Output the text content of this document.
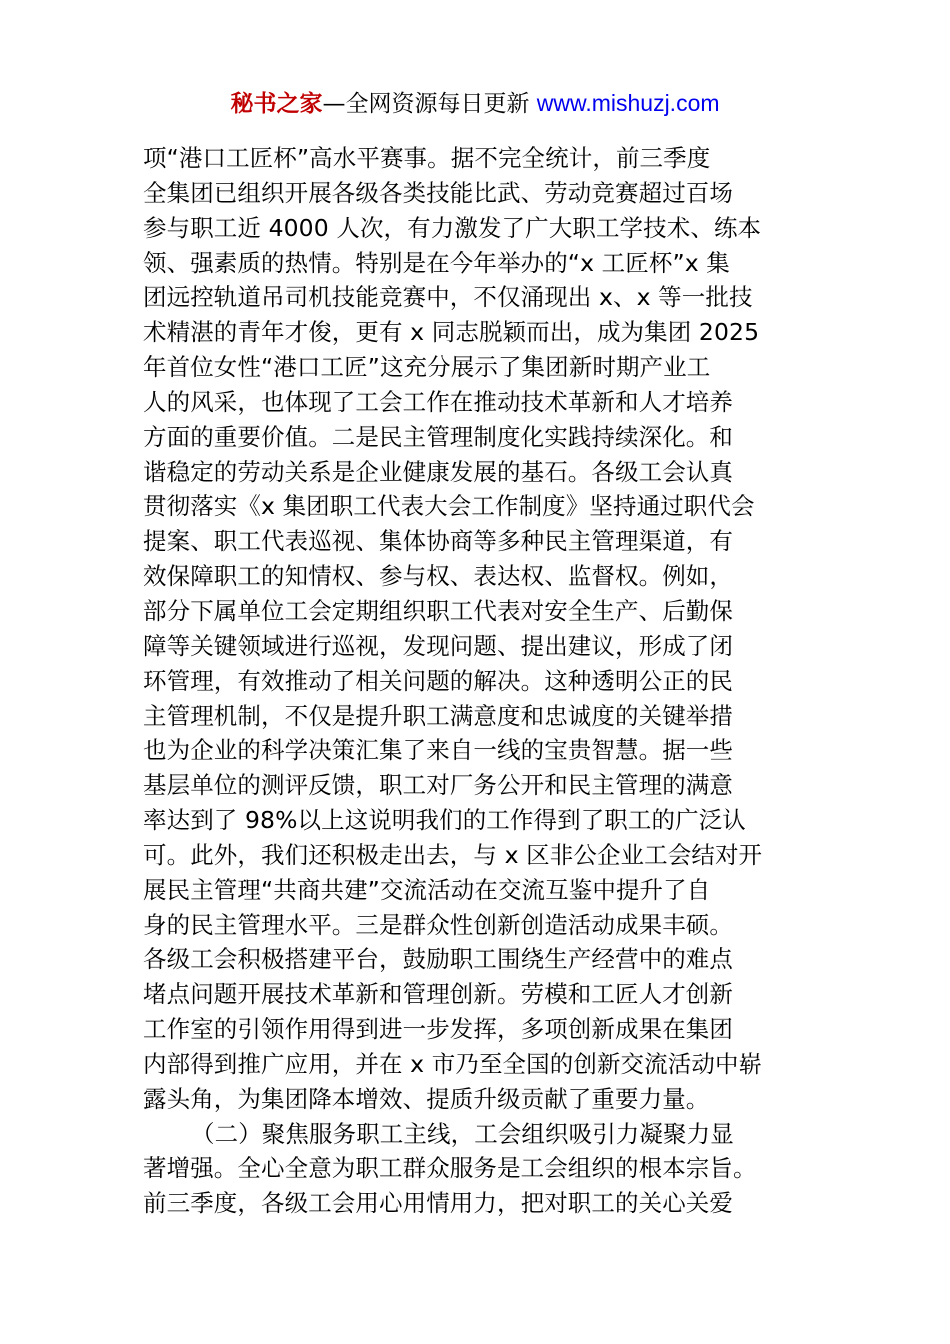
秘书之家—全网资源每日更新 www.mishuzj.com
项“港口工匠杯”高水平赛事。据不完全统计，前三季度
全集团已组织开展各级各类技能比武、劳动竞赛超过百场
参与职工近 4000 人次，有力激发了广大职工学技术、练本
领、强素质的热情。特别是在今年举办的“x 工匠杯”x 集
团远控轨道吊司机技能竞赛中，不仅涌现出 x、x 等一批技
术精湛的青年才俊，更有 x 同志脱颖而出，成为集团 2025
年首位女性“港口工匠”这充分展示了集团新时期产业工
人的风采，也体现了工会工作在推动技术革新和人才培养
方面的重要价值。二是民主管理制度化实践持续深化。和
谐稳定的劳动关系是企业健康发展的基石。各级工会认真
贯彻落实《x 集团职工代表大会工作制度》坚持通过职代会
提案、职工代表巡视、集体协商等多种民主管理渠道，有
效保障职工的知情权、参与权、表达权、监督权。例如，
部分下属单位工会定期组织职工代表对安全生产、后勤保
障等关键领域进行巡视，发现问题、提出建议，形成了闭
环管理，有效推动了相关问题的解决。这种透明公正的民
主管理机制，不仅是提升职工满意度和忠诚度的关键举措
也为企业的科学决策汇集了来自一线的宝贵智慧。据一些
基层单位的测评反馈，职工对厂务公开和民主管理的满意
率达到了 98%以上这说明我们的工作得到了职工的广泛认
可。此外，我们还积极走出去，与 x 区非公企业工会结对开
展民主管理“共商共建”交流活动在交流互鉴中提升了自
身的民主管理水平。三是群众性创新创造活动成果丰硕。
各级工会积极搭建平台，鼓励职工围绕生产经营中的难点
堵点问题开展技术革新和管理创新。劳模和工匠人才创新
工作室的引领作用得到进一步发挥，多项创新成果在集团
内部得到推广应用，并在 x 市乃至全国的创新交流活动中崭
露头角，为集团降本增效、提质升级贡献了重要力量。
（二）聚焦服务职工主线，工会组织吸引力凝聚力显
著增强。全心全意为职工群众服务是工会组织的根本宗旨。
前三季度，各级工会用心用情用力，把对职工的关心关爱
